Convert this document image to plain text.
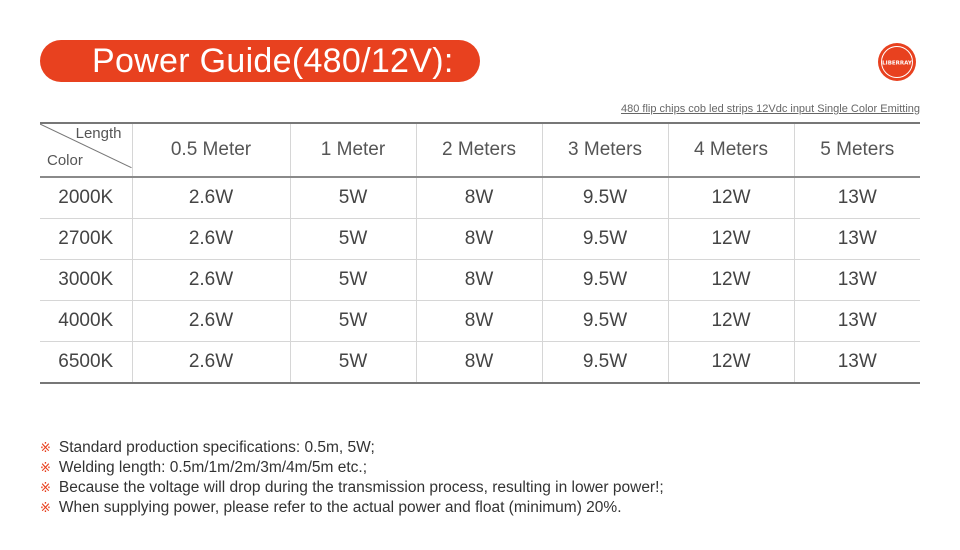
Power Guide(480/12V):	LIBERRAY
480 flip chips cob led strips 12Vdc input Single Color Emitting
Length
Color	0.5 Meter	1 Meter	2 Meters	3 Meters	4 Meters	5 Meters
2000K	2.6W	5W	8W	9.5W	12W	13W
2700K	2.6W	5W	8W	9.5W	12W	13W
3000K	2.6W	5W	8W	9.5W	12W	13W
4000K	2.6W	5W	8W	9.5W	12W	13W
6500K	2.6W	5W	8W	9.5W	12W	13W
※ Standard production specifications: 0.5m, 5W;
※ Welding length: 0.5m/1m/2m/3m/4m/5m etc.;
※ Because the voltage will drop during the transmission process, resulting in lower power!;
※ When supplying power, please refer to the actual power and float (minimum) 20%.
